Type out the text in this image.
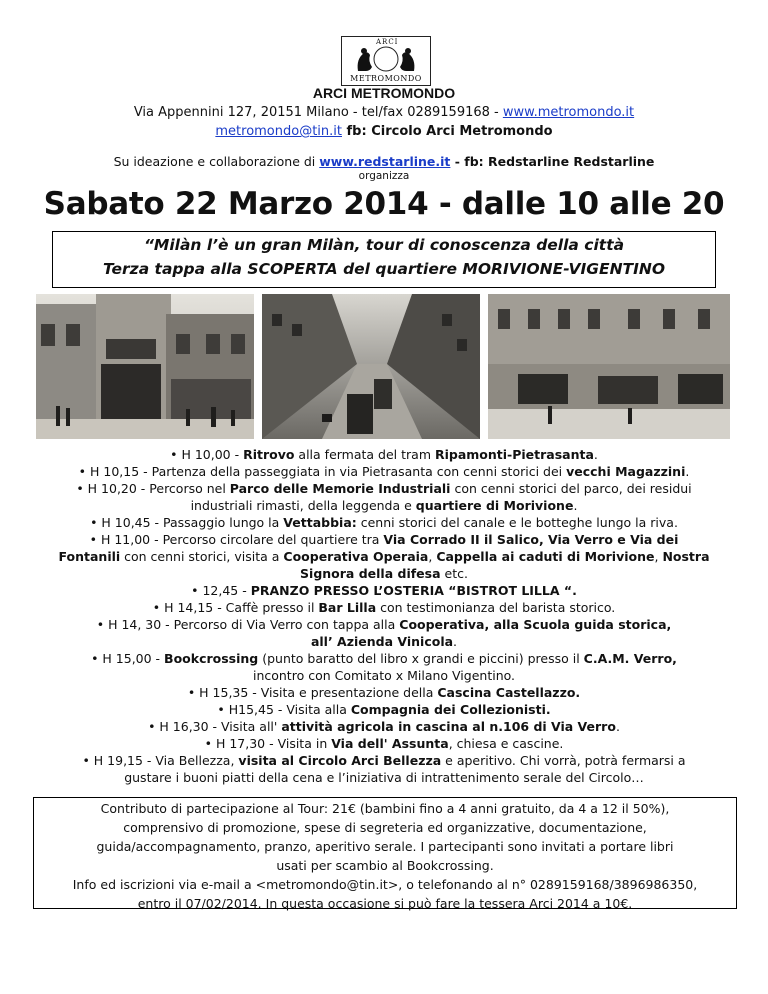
ARCI
METROMONDO
ARCI METROMONDO
Via Appennini 127, 20151 Milano - tel/fax 0289159168 - www.metromondo.it
metromondo@tin.it fb: Circolo Arci Metromondo
Su ideazione e collaborazione di www.redstarline.it - fb: Redstarline Redstarline
organizza
Sabato 22 Marzo 2014 - dalle 10 alle 20
“Milàn l’è un gran Milàn, tour di conoscenza della città
Terza tappa alla SCOPERTA del quartiere MORIVIONE-VIGENTINO

• H 10,00 - Ritrovo alla fermata del tram Ripamonti-Pietrasanta.

• H 10,15 - Partenza della passeggiata in via Pietrasanta con cenni storici dei vecchi Magazzini.

• H 10,20 - Percorso nel Parco delle Memorie Industriali con cenni storici del parco, dei residui

industriali rimasti, della leggenda e quartiere di Morivione.

• H 10,45 - Passaggio lungo la Vettabbia: cenni storici del canale e le botteghe lungo la riva.

• H 11,00 - Percorso circolare del quartiere tra Via Corrado II il Salico, Via Verro e Via dei

Fontanili con cenni storici, visita a Cooperativa Operaia, Cappella ai caduti di Morivione, Nostra

Signora della difesa etc.

• 12,45 - PRANZO PRESSO L’OSTERIA “BISTROT LILLA “.

• H 14,15 - Caffè presso il Bar Lilla con testimonianza del barista storico.

• H 14, 30 - Percorso di Via Verro con tappa alla Cooperativa, alla Scuola guida storica,

all’ Azienda Vinicola.

• H 15,00 - Bookcrossing (punto baratto del libro x grandi e piccini) presso il C.A.M. Verro,

incontro con Comitato x Milano Vigentino.

• H 15,35 - Visita e presentazione della Cascina Castellazzo.

• H15,45 - Visita alla Compagnia dei Collezionisti.

• H 16,30 - Visita all' attività agricola in cascina al n.106 di Via Verro.

• H 17,30 - Visita in Via dell' Assunta, chiesa e cascine.

• H 19,15 - Via Bellezza, visita al Circolo Arci Bellezza e aperitivo. Chi vorrà, potrà fermarsi a

gustare i buoni piatti della cena e l’iniziativa di intrattenimento serale del Circolo…

Contributo di partecipazione al Tour: 21€ (bambini fino a 4 anni gratuito, da 4 a 12 il 50%),

comprensivo di promozione, spese di segreteria ed organizzative, documentazione,

guida/accompagnamento, pranzo, aperitivo serale. I partecipanti sono invitati a portare libri

usati per scambio al Bookcrossing.

Info ed iscrizioni via e-mail a <metromondo@tin.it>, o telefonando al n° 0289159168/3896986350,

entro il 07/02/2014. In questa occasione si può fare la tessera Arci 2014 a 10€.
